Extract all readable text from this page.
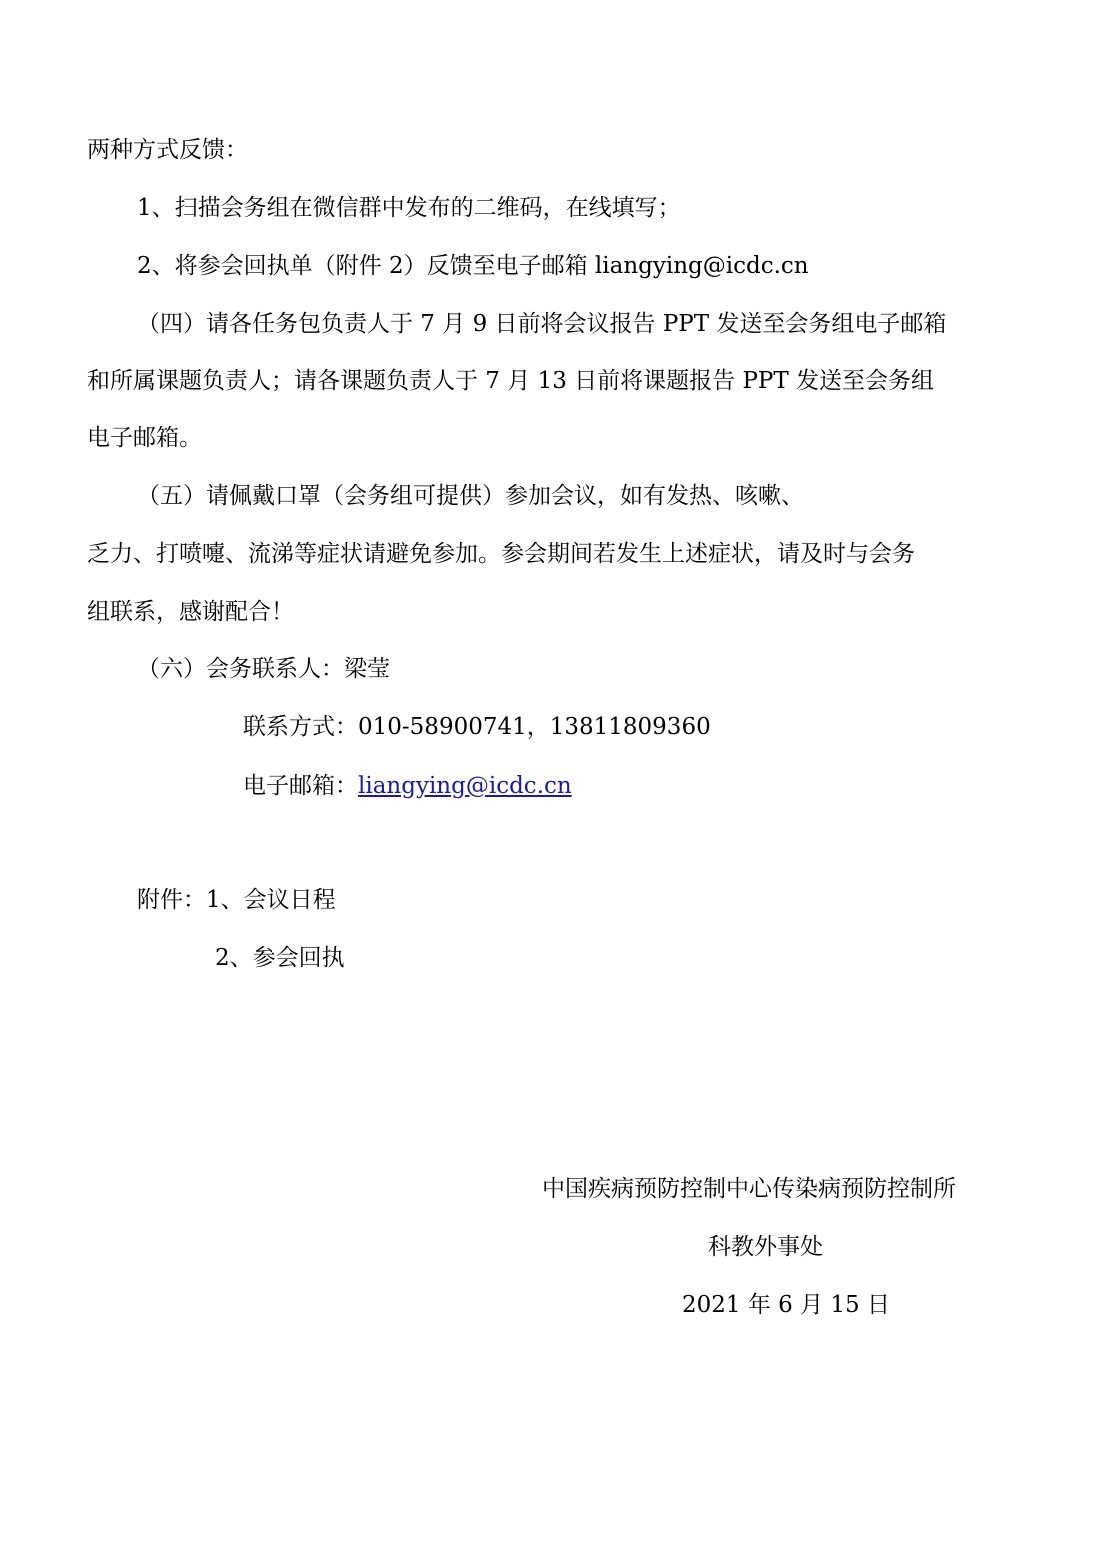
两种方式反馈：
1、扫描会务组在微信群中发布的二维码，在线填写；
2、将参会回执单（附件 2）反馈至电子邮箱 liangying@icdc.cn
（四）请各任务包负责人于 7 月 9 日前将会议报告 PPT 发送至会务组电子邮箱
和所属课题负责人；请各课题负责人于 7 月 13 日前将课题报告 PPT 发送至会务组
电子邮箱。
（五）请佩戴口罩（会务组可提供）参加会议，如有发热、咳嗽、
乏力、打喷嚏、流涕等症状请避免参加。参会期间若发生上述症状，请及时与会务
组联系，感谢配合！
（六）会务联系人：梁莹
联系方式：010-58900741，13811809360
电子邮箱：liangying@icdc.cn
附件：1、会议日程
2、参会回执
中国疾病预防控制中心传染病预防控制所
科教外事处
2021 年 6 月 15 日
